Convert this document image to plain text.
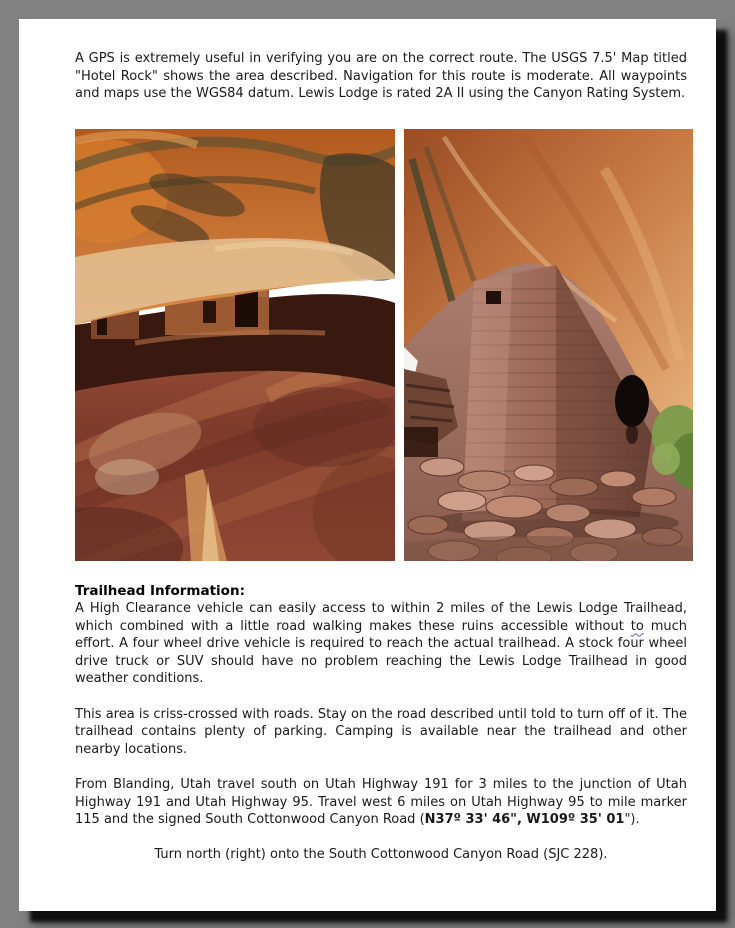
A GPS is extremely useful in verifying you are on the correct route. The USGS 7.5' Map titled "Hotel Rock" shows the area described. Navigation for this route is moderate. All waypoints and maps use the WGS84 datum. Lewis Lodge is rated 2A II using the Canyon Rating System.

Trailhead Information:

A High Clearance vehicle can easily access to within 2 miles of the Lewis Lodge Trailhead, which combined with a little road walking makes these ruins accessible without to much effort. A four wheel drive vehicle is required to reach the actual trailhead. A stock four wheel drive truck or SUV should have no problem reaching the Lewis Lodge Trailhead in good weather conditions.

This area is criss-crossed with roads. Stay on the road described until told to turn off of it. The trailhead contains plenty of parking. Camping is available near the trailhead and other nearby locations.

From Blanding, Utah travel south on Utah Highway 191 for 3 miles to the junction of Utah Highway 191 and Utah Highway 95. Travel west 6 miles on Utah Highway 95 to mile marker 115 and the signed South Cottonwood Canyon Road (N37º 33' 46", W109º 35' 01").

Turn north (right) onto the South Cottonwood Canyon Road (SJC 228).
